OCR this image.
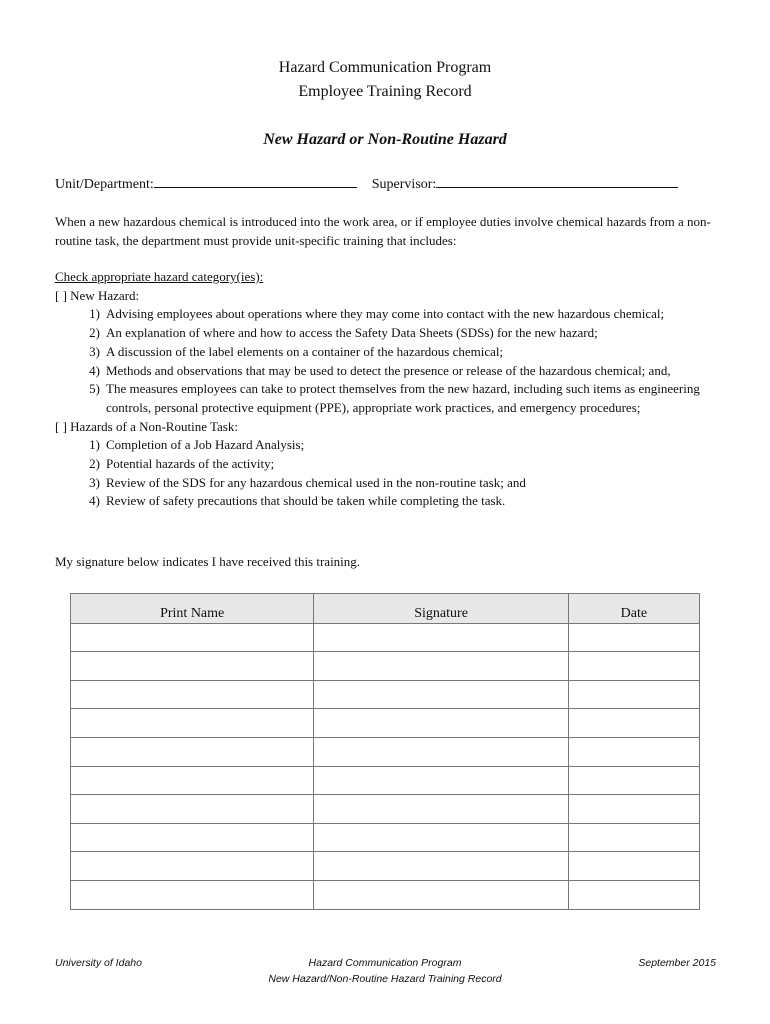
Hazard Communication Program
Employee Training Record
New Hazard or Non-Routine Hazard
Unit/Department:	Supervisor:
When a new hazardous chemical is introduced into the work area, or if employee duties involve chemical hazards from a non-routine task, the department must provide unit-specific training that includes:
Check appropriate hazard category(ies):
[ ] New Hazard:
1) Advising employees about operations where they may come into contact with the new hazardous chemical;
2) An explanation of where and how to access the Safety Data Sheets (SDSs) for the new hazard;
3) A discussion of the label elements on a container of the hazardous chemical;
4) Methods and observations that may be used to detect the presence or release of the hazardous chemical; and,
5) The measures employees can take to protect themselves from the new hazard, including such items as engineering controls, personal protective equipment (PPE), appropriate work practices, and emergency procedures;
[ ] Hazards of a Non-Routine Task:
1) Completion of a Job Hazard Analysis;
2) Potential hazards of the activity;
3) Review of the SDS for any hazardous chemical used in the non-routine task; and
4) Review of safety precautions that should be taken while completing the task.
My signature below indicates I have received this training.
Print Name	Signature	Date

University of Idaho	Hazard Communication Program
New Hazard/Non-Routine Hazard Training Record
September 2015
